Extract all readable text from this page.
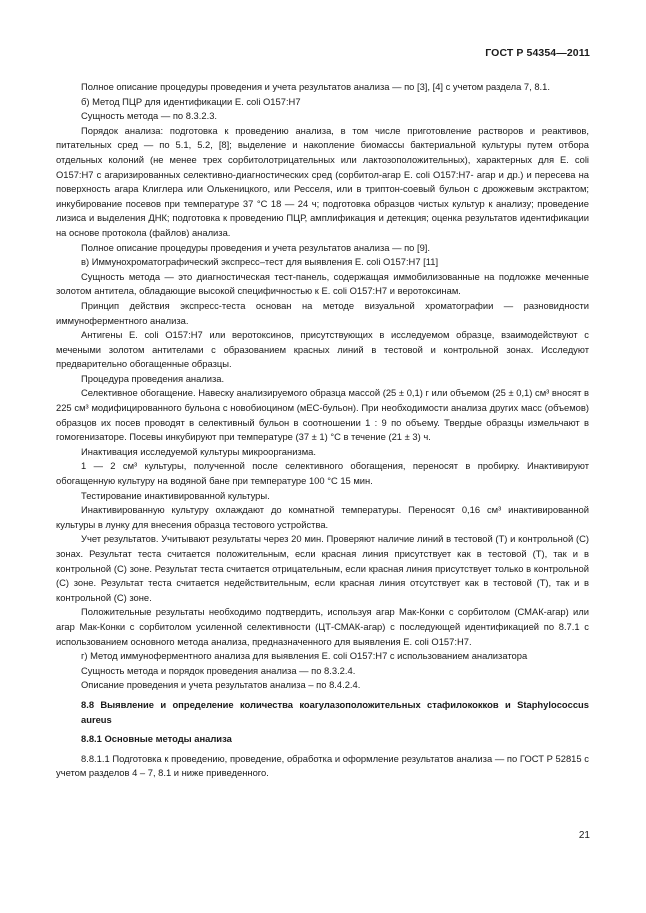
ГОСТ Р 54354—2011

Полное описание процедуры проведения и учета результатов анализа — по [3], [4] с учетом раздела 7, 8.1.

б) Метод ПЦР для идентификации E. coli O157:H7

Сущность метода — по 8.3.2.3.

Порядок анализа: подготовка к проведению анализа, в том числе приготовление растворов и реактивов, питательных сред — по 5.1, 5.2, [8]; выделение и накопление биомассы бактериальной культуры путем отбора отдельных колоний (не менее трех сорбитолотрицательных или лактозоположительных), характерных для E. coli O157:H7 с агаризированных селективно-диагностических сред (сорбитол-агар E. coli O157:H7- агар и др.) и пересева на поверхность агара Клиглера или Олькеницкого, или Ресселя, или в триптон-соевый бульон с дрожжевым экстрактом; инкубирование посевов при температуре 37 °С 18 — 24 ч; подготовка образцов чистых культур к анализу; проведение лизиса и выделения ДНК; подготовка к проведению ПЦР, амплификация и детекция; оценка результатов идентификации на основе протокола (файлов) анализа.

Полное описание процедуры проведения и учета результатов анализа — по [9].

в) Иммунохроматографический экспресс–тест для выявления E. coli O157:H7 [11]

Сущность метода — это диагностическая тест-панель, содержащая иммобилизованные на подложке меченные золотом антитела, обладающие высокой специфичностью к E. coli O157:H7 и веротоксинам.

Принцип действия экспресс-теста основан на методе визуальной хроматографии — разновидности иммуноферментного анализа.

Антигены E. coli O157:H7 или веротоксинов, присутствующих в исследуемом образце, взаимодействуют с мечеными золотом антителами с образованием красных линий в тестовой и контрольной зонах. Исследуют предварительно обогащенные образцы.

Процедура проведения анализа.

Селективное обогащение. Навеску анализируемого образца массой (25 ± 0,1) г или объемом (25 ± 0,1) см³ вносят в 225 см³ модифицированного бульона с новобиоцином (мЕС-бульон). При необходимости анализа других масс (объемов) образцов их посев проводят в селективный бульон в соотношении 1 : 9 по объему. Твердые образцы измельчают в гомогенизаторе. Посевы инкубируют при температуре (37 ± 1) °С в течение (21 ± 3) ч.

Инактивация исследуемой культуры микроорганизма.

1 — 2 см³ культуры, полученной после селективного обогащения, переносят в пробирку. Инактивируют обогащенную культуру на водяной бане при температуре 100 °С 15 мин.

Тестирование инактивированной культуры.

Инактивированную культуру охлаждают до комнатной температуры. Переносят 0,16 см³ инактивированной культуры в лунку для внесения образца тестового устройства.

Учет результатов. Учитывают результаты через 20 мин. Проверяют наличие линий в тестовой (Т) и контрольной (С) зонах. Результат теста считается положительным, если красная линия присутствует как в тестовой (Т), так и в контрольной (С) зоне. Результат теста считается отрицательным, если красная линия присутствует только в контрольной (С) зоне. Результат теста считается недействительным, если красная линия отсутствует как в тестовой (Т), так и в контрольной (С) зоне.

Положительные результаты необходимо подтвердить, используя агар Мак-Конки с сорбитолом (СМАК-агар) или агар Мак-Конки с сорбитолом усиленной селективности (ЦТ-СМАК-агар) с последующей идентификацией по 8.7.1 с использованием основного метода анализа, предназначенного для выявления E. coli O157:H7.

г) Метод иммуноферментного анализа для выявления E. coli O157:H7 с использованием анализатора

Сущность метода и порядок проведения анализа — по 8.3.2.4.

Описание проведения и учета результатов анализа – по 8.4.2.4.

8.8 Выявление и определение количества коагулазоположительных стафилококков и Staphylococcus aureus

8.8.1 Основные методы анализа

8.8.1.1 Подготовка к проведению, проведение, обработка и оформление результатов анализа — по ГОСТ Р 52815 с учетом разделов 4 – 7, 8.1 и ниже приведенного.

21
